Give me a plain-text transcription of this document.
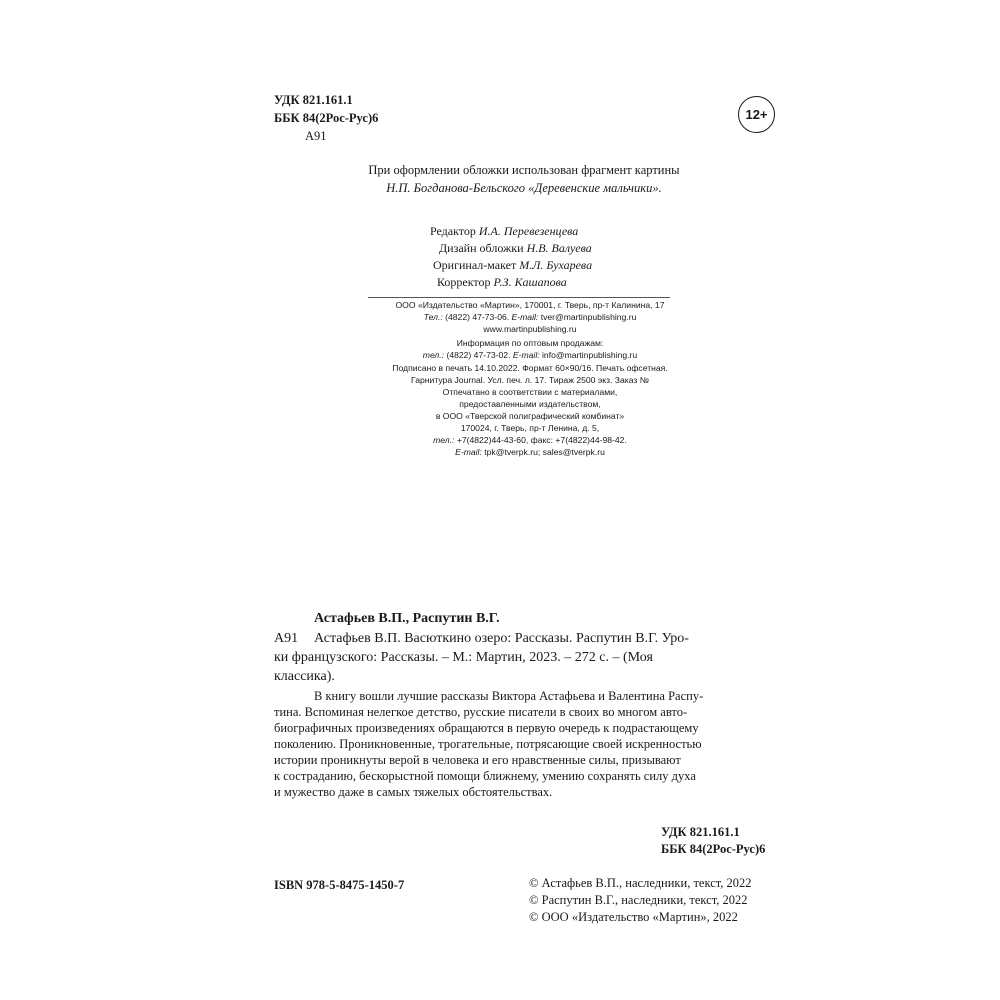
УДК 821.161.1
ББК 84(2Рос-Рус)6
А91
12+
При оформлении обложки использован фрагмент картины
Н.П. Богданова-Бельского «Деревенские мальчики».
Редактор И.А. Перевезенцева
Дизайн обложки Н.В. Валуева
Оригинал-макет М.Л. Бухарева
Корректор Р.З. Кашапова
ООО «Издательство «Мартин», 170001, г. Тверь, пр-т Калинина, 17
Тел.: (4822) 47-73-06. E-mail: tver@martinpublishing.ru
www.martinpublishing.ru
Информация по оптовым продажам:
тел.: (4822) 47-73-02. E-mail: info@martinpublishing.ru
Подписано в печать 14.10.2022. Формат 60×90/16. Печать офсетная.
Гарнитура Journal. Усл. печ. л. 17. Тираж 2500 экз. Заказ №
Отпечатано в соответствии с материалами,
предоставленными издательством,
в ООО «Тверской полиграфический комбинат»
170024, г. Тверь, пр-т Ленина, д. 5,
тел.: +7(4822)44-43-60, факс: +7(4822)44-98-42.
E-mail: tpk@tverpk.ru; sales@tverpk.ru
Астафьев В.П., Распутин В.Г.
А91 Астафьев В.П. Васюткино озеро: Рассказы. Распутин В.Г. Уро-
ки французского: Рассказы. – М.: Мартин, 2023. – 272 с. – (Моя
классика).
В книгу вошли лучшие рассказы Виктора Астафьева и Валентина Распу-
тина. Вспоминая нелегкое детство, русские писатели в своих во многом авто-
биографичных произведениях обращаются в первую очередь к подрастающему
поколению. Проникновенные, трогательные, потрясающие своей искренностью
истории проникнуты верой в человека и его нравственные силы, призывают
к состраданию, бескорыстной помощи ближнему, умению сохранять силу духа
и мужество даже в самых тяжелых обстоятельствах.
УДК 821.161.1
ББК 84(2Рос-Рус)6
ISBN 978-5-8475-1450-7	© Астафьев В.П., наследники, текст, 2022
© Распутин В.Г., наследники, текст, 2022
© ООО «Издательство «Мартин», 2022
